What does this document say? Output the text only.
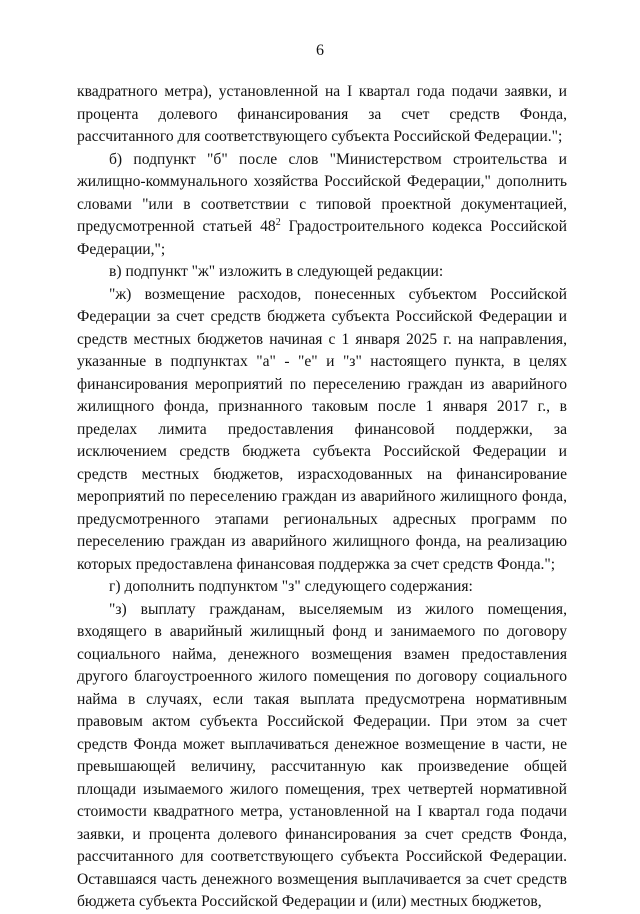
6

квадратного метра), установленной на I квартал года подачи заявки, и процента долевого финансирования за счет средств Фонда, рассчитанного для соответствующего субъекта Российской Федерации.";

б) подпункт "б" после слов "Министерством строительства и жилищно-коммунального хозяйства Российской Федерации," дополнить словами "или в соответствии с типовой проектной документацией, предусмотренной статьей $48^2$ Градостроительного кодекса Российской Федерации,";

в) подпункт "ж" изложить в следующей редакции:

"ж) возмещение расходов, понесенных субъектом Российской Федерации за счет средств бюджета субъекта Российской Федерации и средств местных бюджетов начиная с 1 января 2025 г. на направления, указанные в подпунктах "а" - "е" и "з" настоящего пункта, в целях финансирования мероприятий по переселению граждан из аварийного жилищного фонда, признанного таковым после 1 января 2017 г., в пределах лимита предоставления финансовой поддержки, за исключением средств бюджета субъекта Российской Федерации и средств местных бюджетов, израсходованных на финансирование мероприятий по переселению граждан из аварийного жилищного фонда, предусмотренного этапами региональных адресных программ по переселению граждан из аварийного жилищного фонда, на реализацию которых предоставлена финансовая поддержка за счет средств Фонда.";

г) дополнить подпунктом "з" следующего содержания:

"з) выплату гражданам, выселяемым из жилого помещения, входящего в аварийный жилищный фонд и занимаемого по договору социального найма, денежного возмещения взамен предоставления другого благоустроенного жилого помещения по договору социального найма в случаях, если такая выплата предусмотрена нормативным правовым актом субъекта Российской Федерации. При этом за счет средств Фонда может выплачиваться денежное возмещение в части, не превышающей величину, рассчитанную как произведение общей площади изымаемого жилого помещения, трех четвертей нормативной стоимости квадратного метра, установленной на I квартал года подачи заявки, и процента долевого финансирования за счет средств Фонда, рассчитанного для соответствующего субъекта Российской Федерации. Оставшаяся часть денежного возмещения выплачивается за счет средств бюджета субъекта Российской Федерации и (или) местных бюджетов,
